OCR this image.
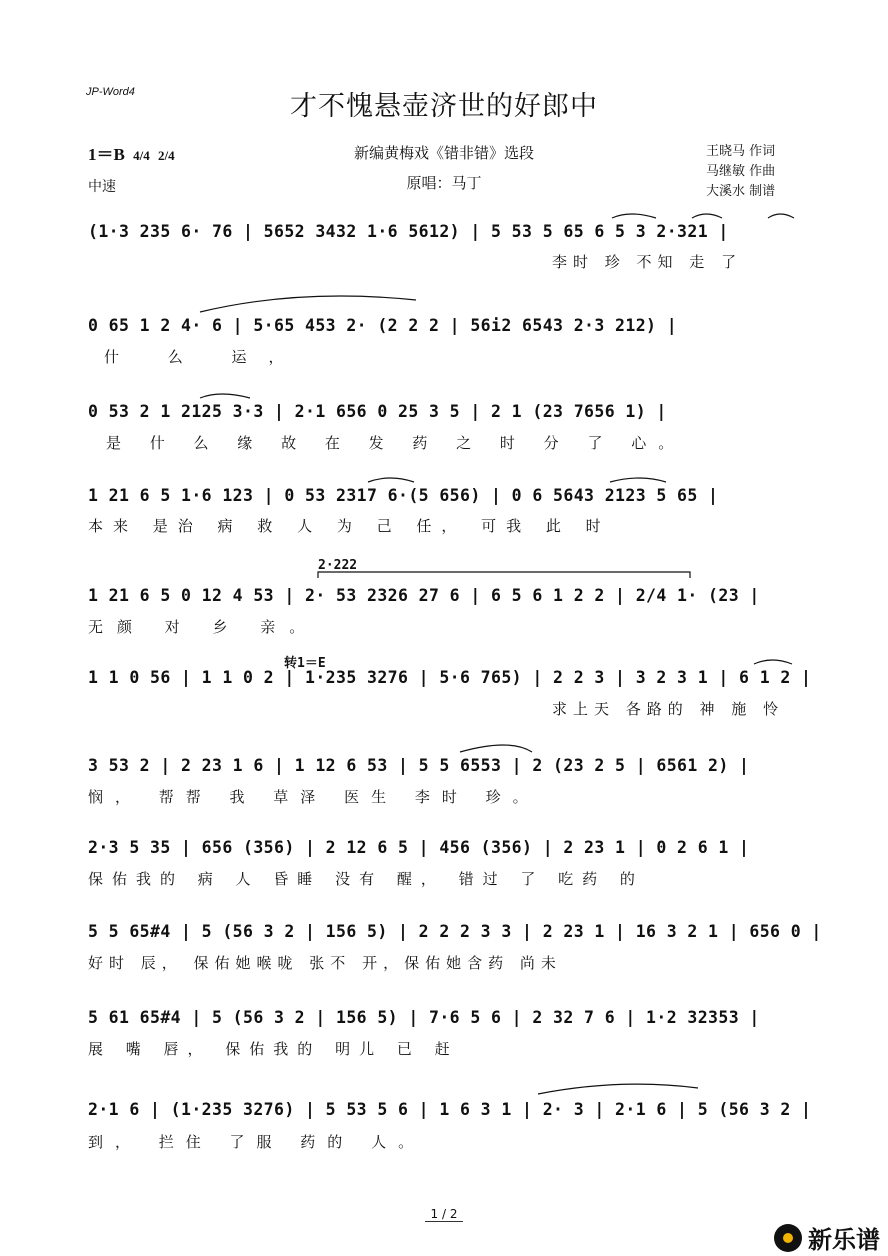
JP-Word4	才不愧悬壶济世的好郎中
1＝B 4/4 2/4
中速
新编黄梅戏《错非错》选段
原唱：马丁
王晓马 作词
马继敏 作曲
大溪水 制谱
(1·3 235 6· 76 | 5652 3432 1·6 5612) | 5 53 5 65 6 5 3 2·321 |
李时 珍 不知 走 了
0 65 1 2 4· 6 | 5·65 453 2· (2 2 2 | 56i2 6543 2·3 212) |
什 么 运，
0 53 2 1 2125 3·3 | 2·1 656 0 25 3 5 | 2 1 (23 7656 1) |
是 什 么 缘 故 在 发 药 之 时 分 了 心。
1 21 6 5 1·6 123 | 0 53 2317 6·(5 656) | 0 6 5643 2123 5 65 |
本来 是治 病 救 人 为 己 任， 可我 此 时
2·222
1 21 6 5 0 12 4 53 | 2· 53 2326 27 6 | 6 5 6 1 2 2 | 2/4 1· (23 |
无颜 对 乡 亲。
转1＝E
1 1 0 56 | 1 1 0 2 | 1·235 3276 | 5·6 765) | 2 2 3 | 3 2 3 1 | 6 1 2 |
求上天 各路的 神 施 怜
3 53 2 | 2 23 1 6 | 1 12 6 53 | 5 5 6553 | 2 (23 2 5 | 6561 2) |
悯， 帮帮 我 草泽 医生 李时 珍。
2·3 5 35 | 656 (356) | 2 12 6 5 | 456 (356) | 2 23 1 | 0 2 6 1 |
保佑我的 病 人 昏睡 没有 醒， 错过 了 吃药 的
5 5 65#4 | 5 (56 3 2 | 156 5) | 2 2 2 3 3 | 2 23 1 | 16 3 2 1 | 656 0 |
好时 辰， 保佑她喉咙 张不 开，保佑她含药 尚未
5 61 65#4 | 5 (56 3 2 | 156 5) | 7·6 5 6 | 2 32 7 6 | 1·2 32353 |
展 嘴 唇， 保佑我的 明儿 已 赶
2·1 6 | (1·235 3276) | 5 53 5 6 | 1 6 3 1 | 2· 3 | 2·1 6 | 5 (56 3 2 |
到， 拦住 了服 药的 人。
1 / 2
新乐谱
